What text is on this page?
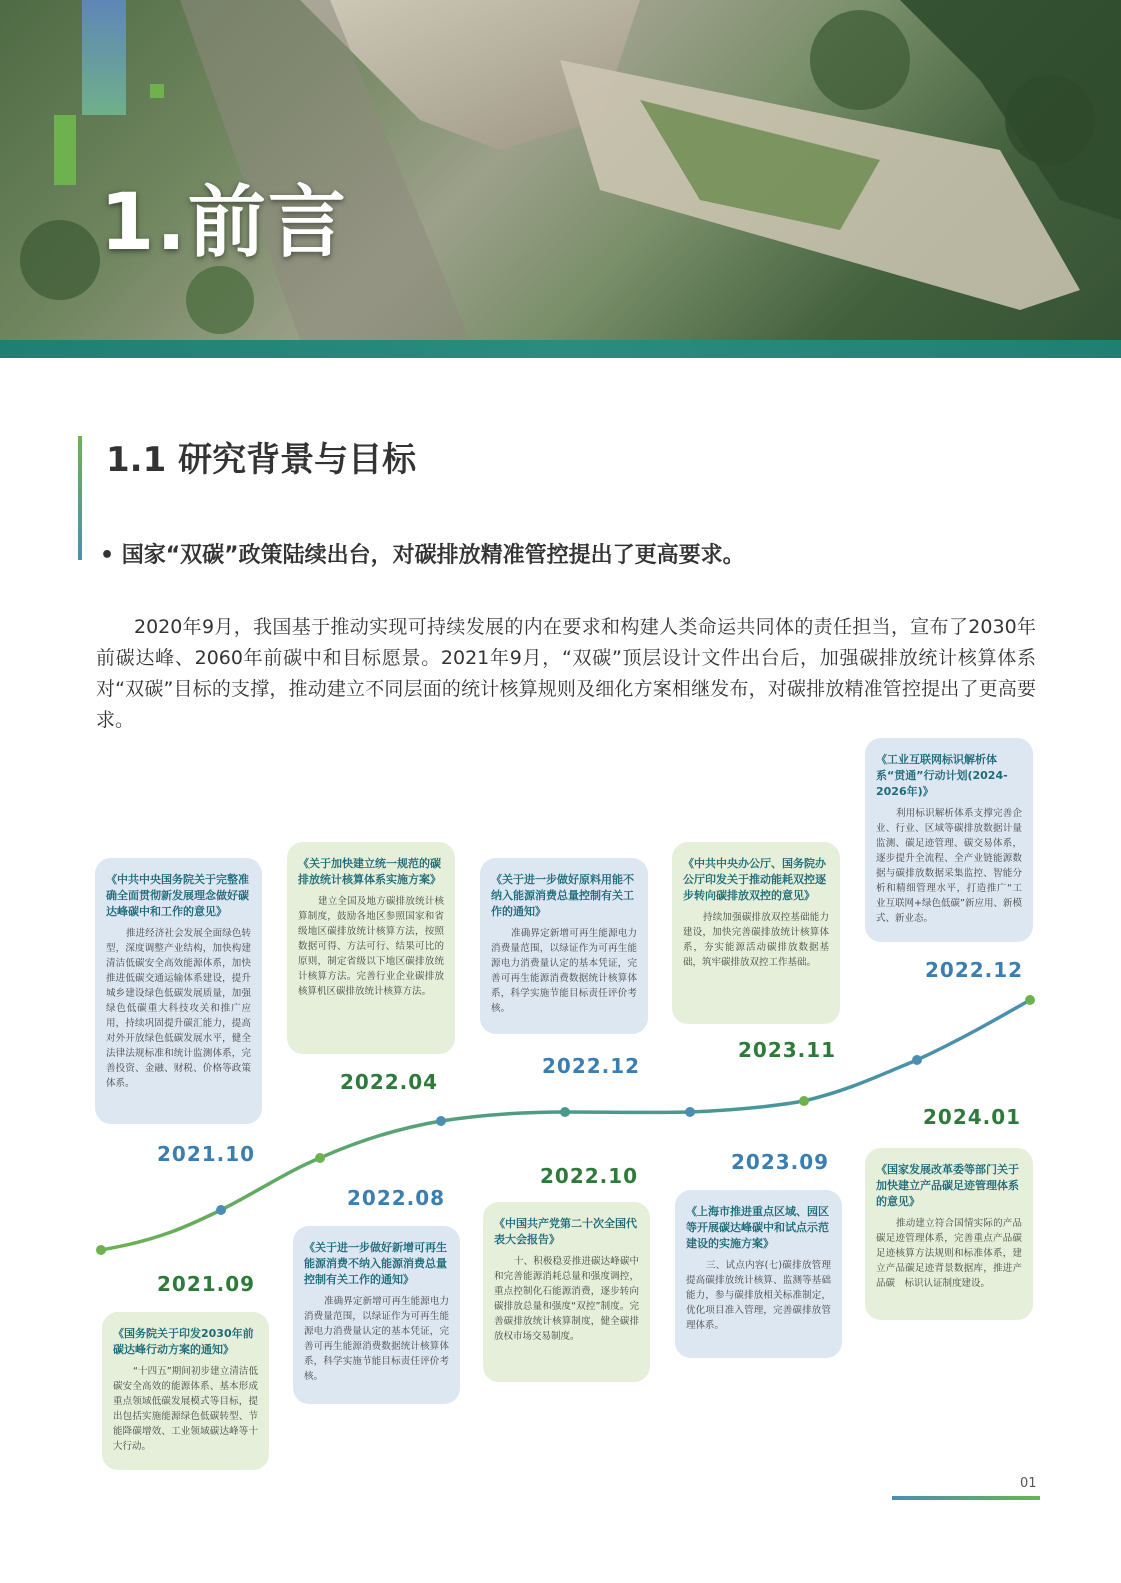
1.前言
1.1 研究背景与目标
• 国家“双碳”政策陆续出台，对碳排放精准管控提出了更高要求。
2020年9月，我国基于推动实现可持续发展的内在要求和构建人类命运共同体的责任担当，宣布了2030年前碳达峰、2060年前碳中和目标愿景。2021年9月，“双碳”顶层设计文件出台后，加强碳排放统计核算体系对“双碳”目标的支撑，推动建立不同层面的统计核算规则及细化方案相继发布，对碳排放精准管控提出了更高要求。
《中共中央国务院关于完整准确全面贯彻新发展理念做好碳达峰碳中和工作的意见》
推进经济社会发展全面绿色转型，深度调整产业结构，加快构建清洁低碳安全高效能源体系，加快推进低碳交通运输体系建设，提升城乡建设绿色低碳发展质量，加强绿色低碳重大科技攻关和推广应用，持续巩固提升碳汇能力，提高对外开放绿色低碳发展水平，健全法律法规标准和统计监测体系，完善投资、金融、财税、价格等政策体系。
《关于加快建立统一规范的碳排放统计核算体系实施方案》
建立全国及地方碳排放统计核算制度，鼓励各地区参照国家和省级地区碳排放统计核算方法，按照数据可得、方法可行、结果可比的原则，制定省级以下地区碳排放统计核算方法。完善行业企业碳排放核算机区碳排放统计核算方法。
《关于进一步做好原料用能不纳入能源消费总量控制有关工作的通知》
准确界定新增可再生能源电力消费量范围，以绿证作为可再生能源电力消费量认定的基本凭证，完善可再生能源消费数据统计核算体系，科学实施节能目标责任评价考核。
《中共中央办公厅、国务院办公厅印发关于推动能耗双控逐步转向碳排放双控的意见》
持续加强碳排放双控基础能力建设，加快完善碳排放统计核算体系，夯实能源活动碳排放数据基础，筑牢碳排放双控工作基础。
《工业互联网标识解析体系“贯通”行动计划(2024-2026年)》
利用标识解析体系支撑完善企业、行业、区域等碳排放数据计量监测、碳足迹管理、碳交易体系，逐步提升全流程、全产业链能源数据与碳排放数据采集监控、智能分析和精细管理水平，打造推广“工业互联网+绿色低碳”新应用、新模式、新业态。
2021.10
2022.04
2022.12
2023.11
2022.12
2021.09
2022.08
2022.10
2023.09
2024.01
《国务院关于印发2030年前碳达峰行动方案的通知》
“十四五”期间初步建立清洁低碳安全高效的能源体系、基本形成重点领域低碳发展模式等目标，提出包括实施能源绿色低碳转型、节能降碳增效、工业领域碳达峰等十大行动。
《关于进一步做好新增可再生能源消费不纳入能源消费总量控制有关工作的通知》
准确界定新增可再生能源电力消费量范围，以绿证作为可再生能源电力消费量认定的基本凭证，完善可再生能源消费数据统计核算体系，科学实施节能目标责任评价考核。
《中国共产党第二十次全国代表大会报告》
十、积极稳妥推进碳达峰碳中和完善能源消耗总量和强度调控，重点控制化石能源消费，逐步转向碳排放总量和强度“双控”制度。完善碳排放统计核算制度，健全碳排放权市场交易制度。
《上海市推进重点区域、园区等开展碳达峰碳中和试点示范建设的实施方案》
三、试点内容(七)碳排放管理提高碳排放统计核算、监测等基础能力，参与碳排放相关标准制定，优化项目准入管理，完善碳排放管理体系。
《国家发展改革委等部门关于加快建立产品碳足迹管理体系的意见》
推动建立符合国情实际的产品碳足迹管理体系，完善重点产品碳足迹核算方法规则和标准体系，建立产品碳足迹背景数据库，推进产品碳　标识认证制度建设。
01
